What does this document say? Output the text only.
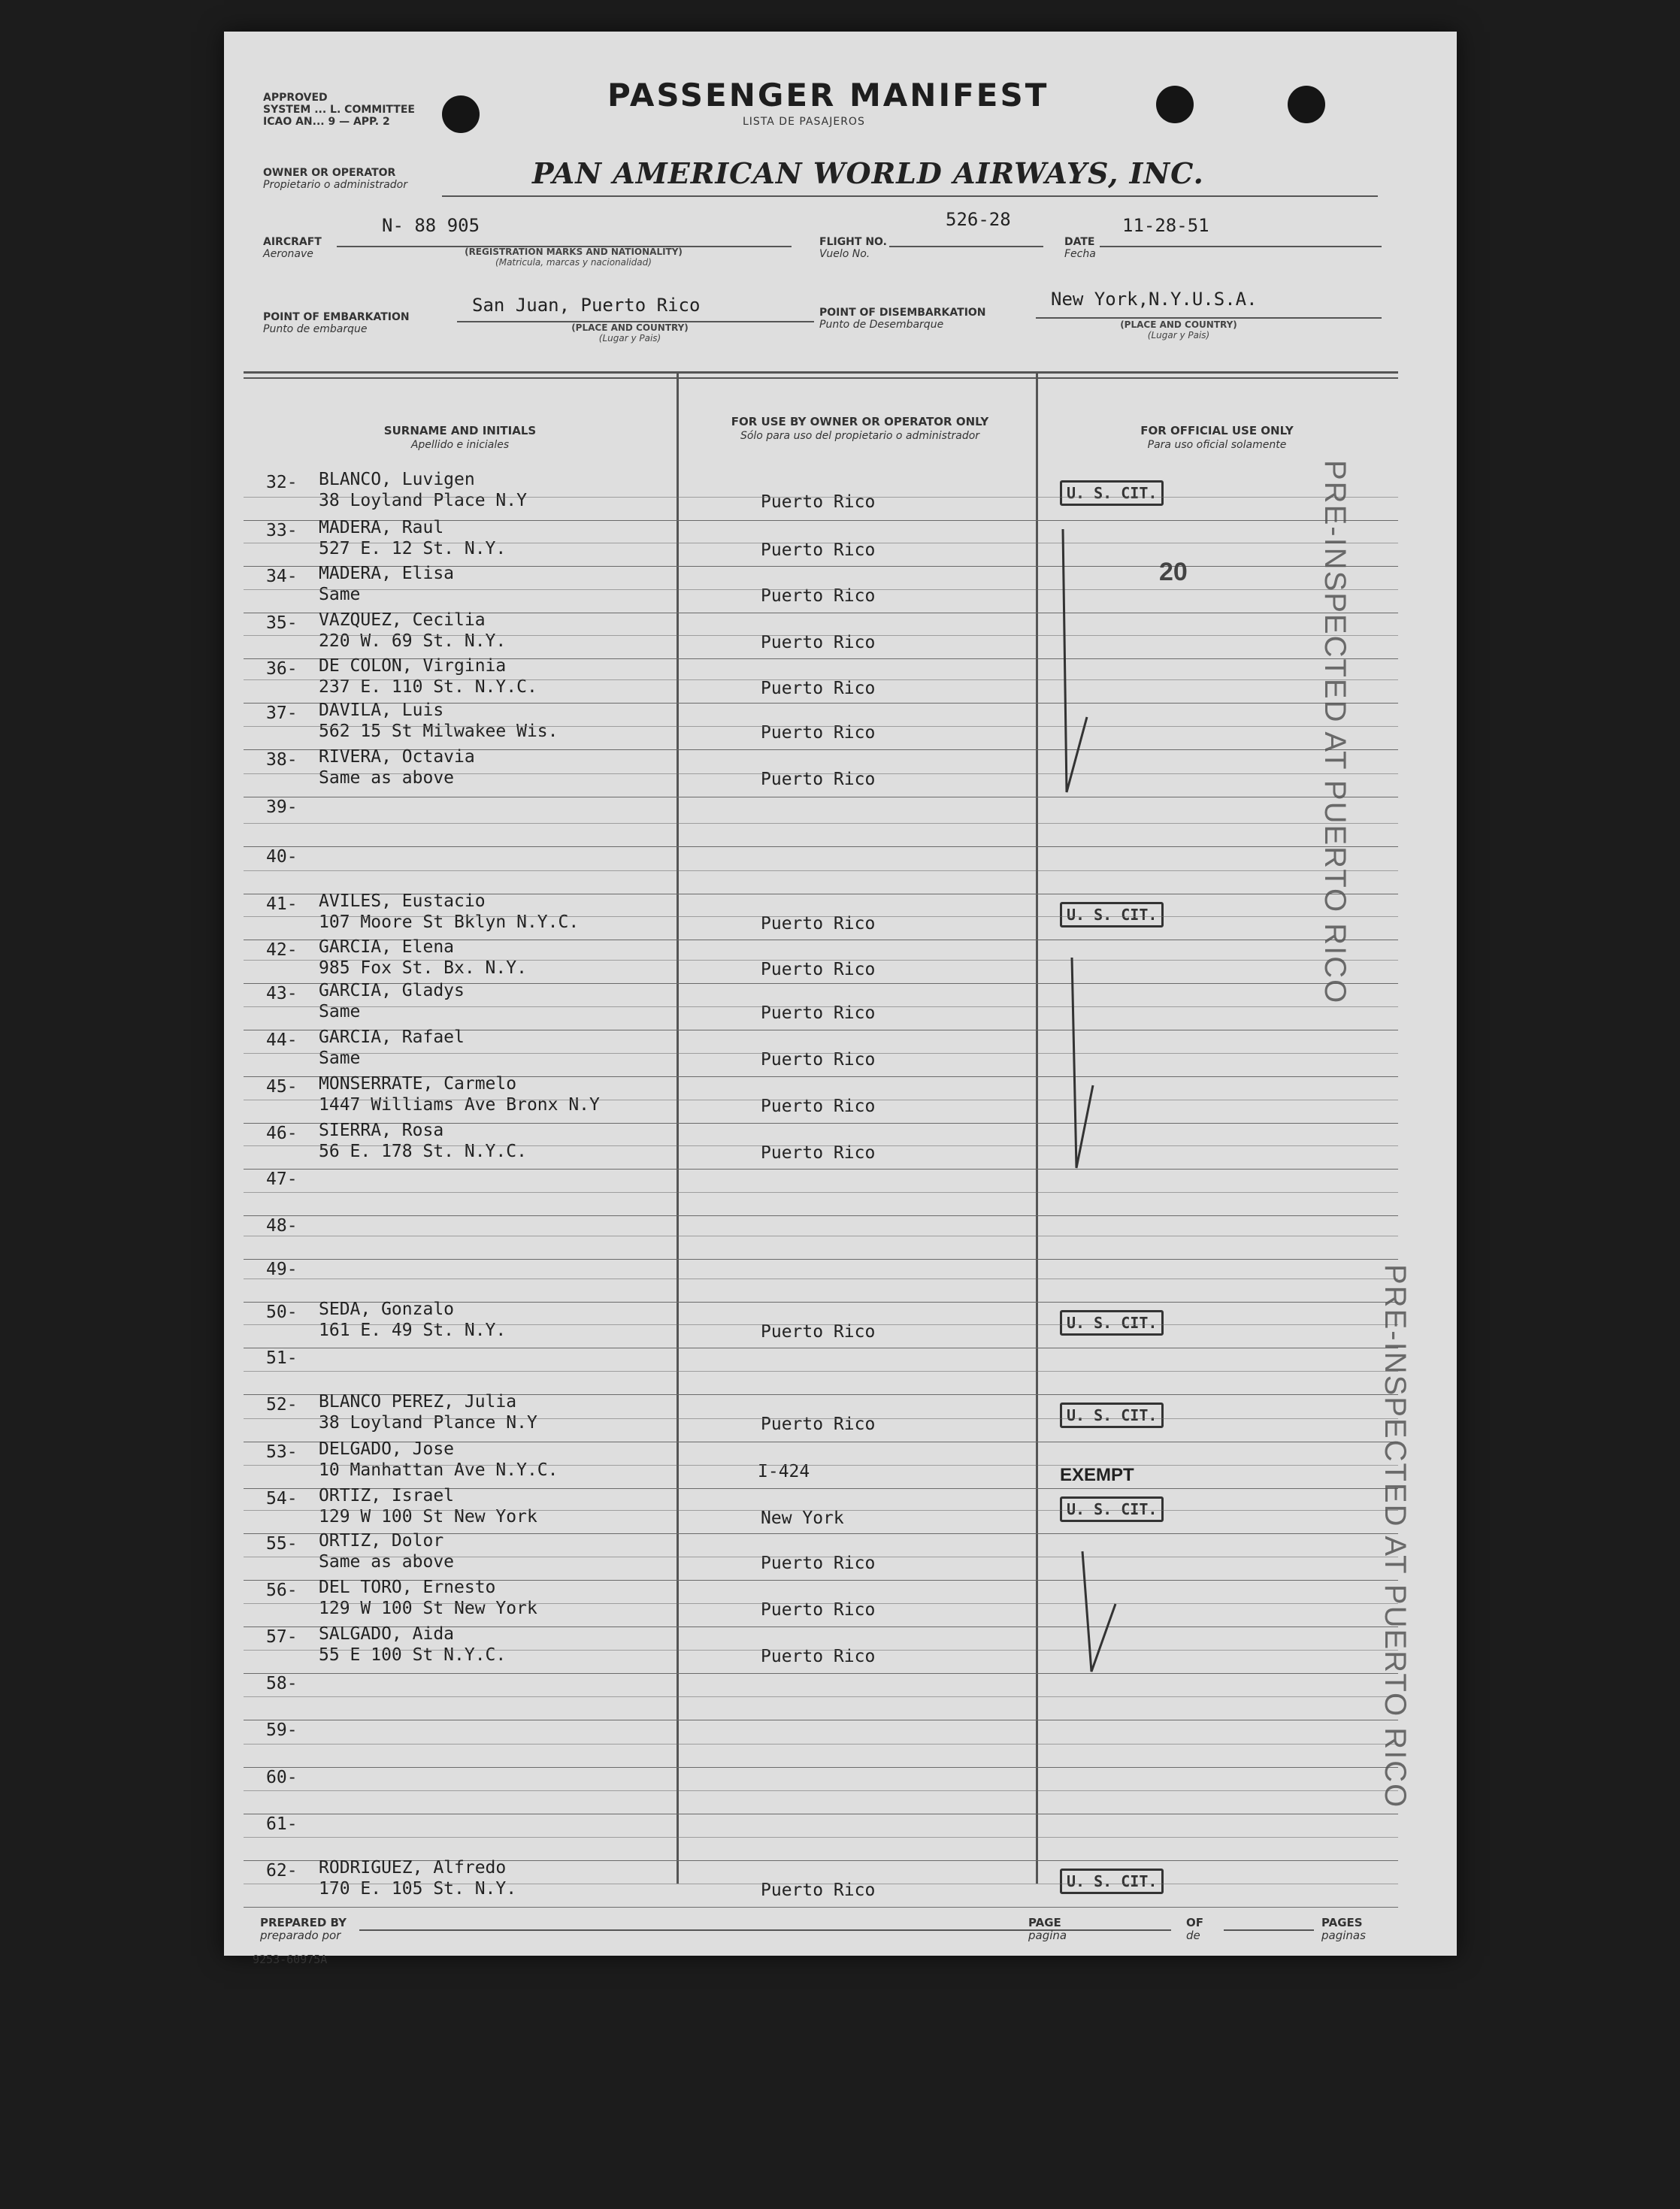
APPROVED
SYSTEM ... L. COMMITTEE
ICAO AN... 9 — APP. 2
PASSENGER MANIFEST
LISTA DE PASAJEROS
OWNER OR OPERATOR
Propietario o administrador	PAN AMERICAN WORLD AIRWAYS, INC.
AIRCRAFT
Aeronave
N- 88 905
(REGISTRATION MARKS AND NATIONALITY)
(Matricula, marcas y nacionalidad)
FLIGHT NO.
Vuelo No.
526-28
DATE
Fecha
11-28-51
POINT OF EMBARKATION
Punto de embarque
San Juan, Puerto Rico
(PLACE AND COUNTRY)
(Lugar y Pais)
POINT OF DISEMBARKATION
Punto de Desembarque
New York,N.Y.U.S.A.
(PLACE AND COUNTRY)
(Lugar y Pais)
SURNAME AND INITIALS
Apellido e iniciales
FOR USE BY OWNER OR OPERATOR ONLY
Sólo para uso del propietario o administrador	FOR OFFICIAL USE ONLY
Para uso oficial solamente
32- BLANCO, Luvigen
38 Loyland Place N.Y	Puerto Rico	U. S. CIT.
33- MADERA, Raul
527 E. 12 St. N.Y.	Puerto Rico
34- MADERA, Elisa
Same	Puerto Rico
35- VAZQUEZ, Cecilia
220 W. 69 St. N.Y.	Puerto Rico
36- DE COLON, Virginia
237 E. 110 St. N.Y.C.	Puerto Rico
37- DAVILA, Luis
562 15 St Milwakee Wis.	Puerto Rico
38- RIVERA, Octavia
Same as above	Puerto Rico
39-
40-
41- AVILES, Eustacio
107 Moore St Bklyn N.Y.C.	Puerto Rico	U. S. CIT.
42- GARCIA, Elena
985 Fox St. Bx. N.Y.	Puerto Rico
43- GARCIA, Gladys
Same	Puerto Rico
44- GARCIA, Rafael
Same	Puerto Rico
45- MONSERRATE, Carmelo
1447 Williams Ave Bronx N.Y	Puerto Rico
46- SIERRA, Rosa
56 E. 178 St. N.Y.C.	Puerto Rico
47-
48-
49-
50- SEDA, Gonzalo
161 E. 49 St. N.Y.	Puerto Rico	U. S. CIT.
51-
52- BLANCO PEREZ, Julia
38 Loyland Plance N.Y	Puerto Rico	U. S. CIT.
53- DELGADO, Jose
10 Manhattan Ave N.Y.C.	I-424	EXEMPT
54- ORTIZ, Israel
129 W 100 St New York	New York	U. S. CIT.
55- ORTIZ, Dolor
Same as above	Puerto Rico
56- DEL TORO, Ernesto
129 W 100 St New York	Puerto Rico
57- SALGADO, Aida
55 E 100 St N.Y.C.	Puerto Rico
58-
59-
60-
61-
62- RODRIGUEZ, Alfredo
170 E. 105 St. N.Y.	Puerto Rico	U. S. CIT.
20	PRE-INSPECTED AT PUERTO RICO
PRE-INSPECTED AT PUERTO RICO
PREPARED BY
preparado por
PAGE
pagina
OF
de
PAGES
paginas
9253-60975A
